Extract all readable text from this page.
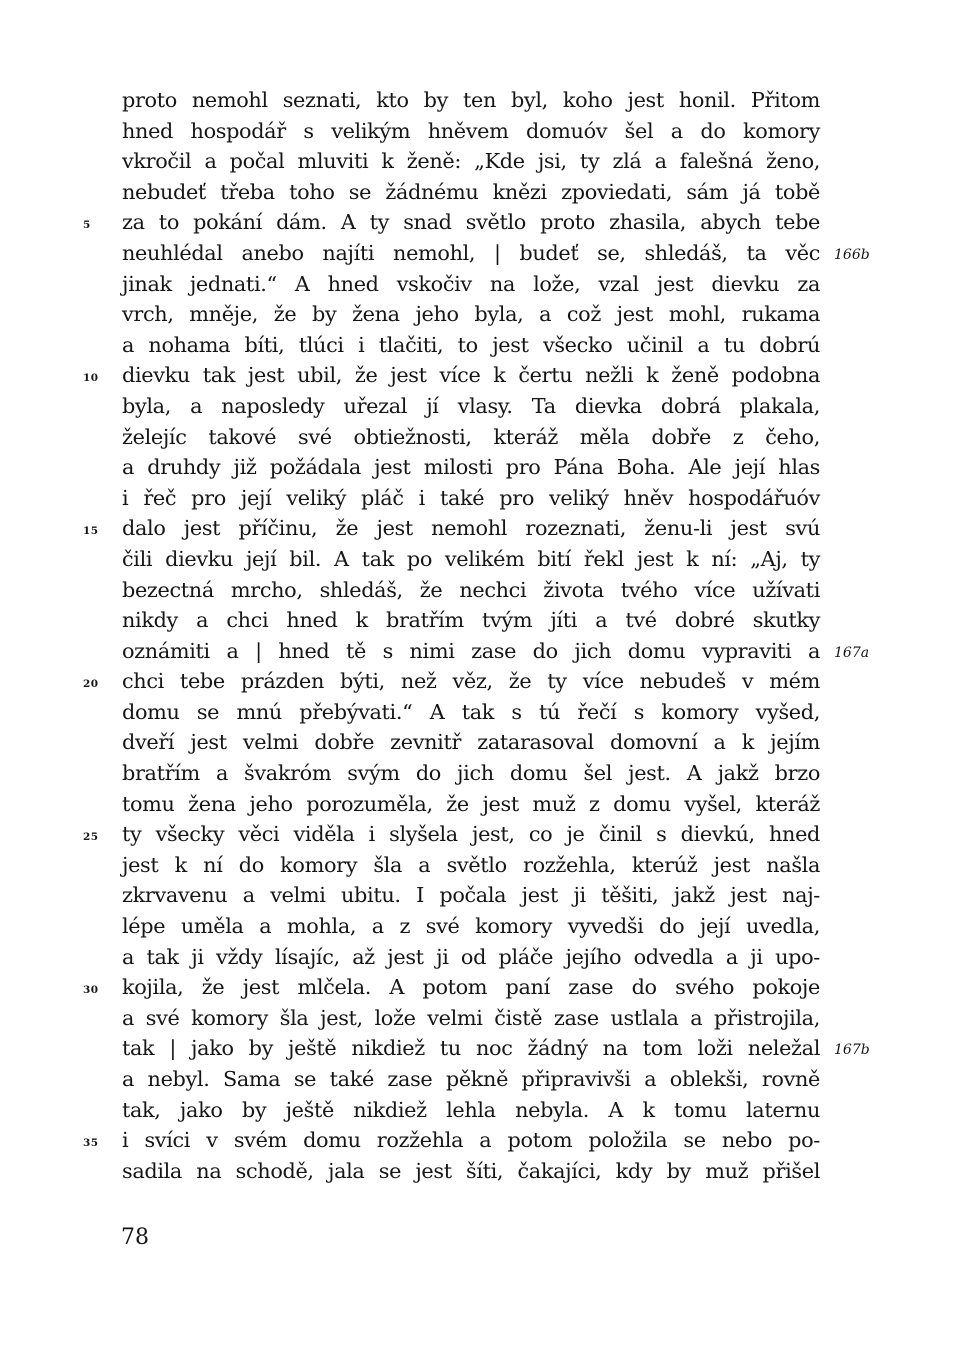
proto nemohl seznati, kto by ten byl, koho jest honil. Přitom
hned hospodář s velikým hněvem domuóv šel a do komory
vkročil a počal mluviti k ženě: „Kde jsi, ty zlá a falešná ženo,
nebudeť třeba toho se žádnému knězi zpoviedati, sám já tobě
za to pokání dám. A ty snad světlo proto zhasila, abych tebe
5
neuhlédal anebo najíti nemohl, | budeť se, shledáš, ta věc 166b
jinak jednati.“ A hned vskočiv na lože, vzal jest dievku za
vrch, mněje, že by žena jeho byla, a což jest mohl, rukama
a nohama bíti, tlúci i tlačiti, to jest všecko učinil a tu dobrú
dievku tak jest ubil, že jest více k čertu nežli k ženě podobna
10
byla, a naposledy uřezal jí vlasy. Ta dievka dobrá plakala,
želejíc takové své obtiežnosti, kteráž měla dobře z čeho,
a druhdy již požádala jest milosti pro Pána Boha. Ale její hlas
i řeč pro její veliký pláč i také pro veliký hněv hospodářuóv
dalo jest příčinu, že jest nemohl rozeznati, ženu-li jest svú
15
čili dievku její bil. A tak po velikém bití řekl jest k ní: „Aj, ty
bezectná mrcho, shledáš, že nechci života tvého více užívati
nikdy a chci hned k bratřím tvým jíti a tvé dobré skutky
oznámiti a | hned tě s nimi zase do jich domu vypraviti a 167a
chci tebe prázden býti, než věz, že ty více nebudeš v mém
20
domu se mnú přebývati.“ A tak s tú řečí s komory vyšed,
dveří jest velmi dobře zevnitř zatarasoval domovní a k jejím
bratřím a švakróm svým do jich domu šel jest. A jakž brzo
tomu žena jeho porozuměla, že jest muž z domu vyšel, kteráž
ty všecky věci viděla i slyšela jest, co je činil s dievkú, hned
25
jest k ní do komory šla a světlo rozžehla, kterúž jest našla
zkrvavenu a velmi ubitu. I počala jest ji těšiti, jakž jest naj-
lépe uměla a mohla, a z své komory vyvedši do její uvedla,
a tak ji vždy lísajíc, až jest ji od pláče jejího odvedla a ji upo-
kojila, že jest mlčela. A potom paní zase do svého pokoje
30
a své komory šla jest, lože velmi čistě zase ustlala a přistrojila,
tak | jako by ještě nikdiež tu noc žádný na tom loži neležal 167b
a nebyl. Sama se také zase pěkně připravivši a oblekši, rovně
tak, jako by ještě nikdiež lehla nebyla. A k tomu laternu
i svíci v svém domu rozžehla a potom položila se nebo po-
35
sadila na schodě, jala se jest šíti, čakajíci, kdy by muž přišel
78
